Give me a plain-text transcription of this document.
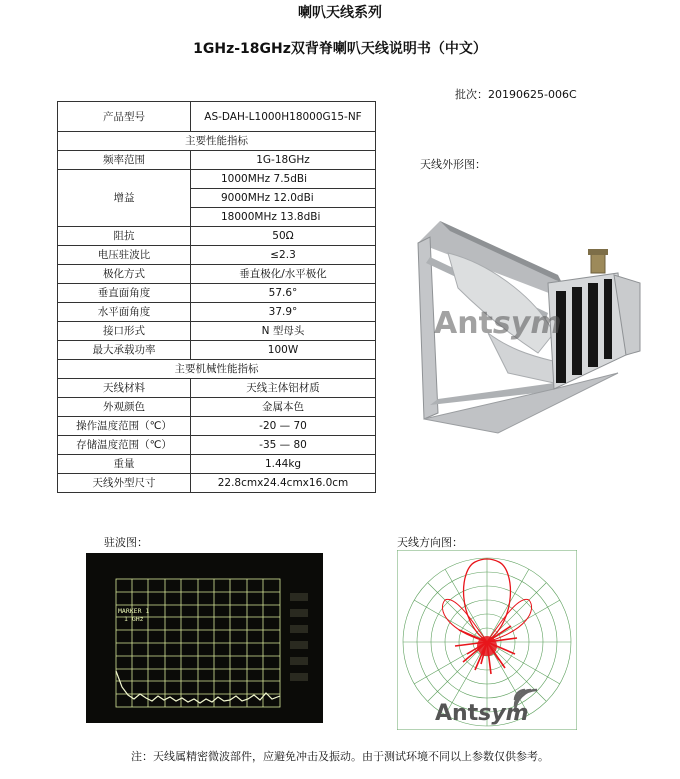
喇叭天线系列
1GHz-18GHz双背脊喇叭天线说明书（中文）
批次：20190625-006C
产品型号	AS-DAH-L1000H18000G15-NF
主要性能指标	
频率范围	1G-18GHz
增益	1000MHz 7.5dBi
	9000MHz 12.0dBi
	18000MHz 13.8dBi
阻抗	50Ω
电压驻波比	≤2.3
极化方式	垂直极化/水平极化
垂直面角度	57.6°
水平面角度	37.9°
接口形式	N 型母头
最大承载功率	100W
主要机械性能指标	
天线材料	天线主体铝材质
外观颜色	金属本色
操作温度范围（℃）	-20 — 70
存储温度范围（℃）	-35 — 80
重量	1.44kg
天线外型尺寸	22.8cmx24.4cmx16.0cm
天线外形图：
Antsym
驻波图：
MARKER 1
1 GHz
天线方向图：
Antsym
注：天线属精密微波部件，应避免冲击及振动。由于测试环境不同以上参数仅供参考。
